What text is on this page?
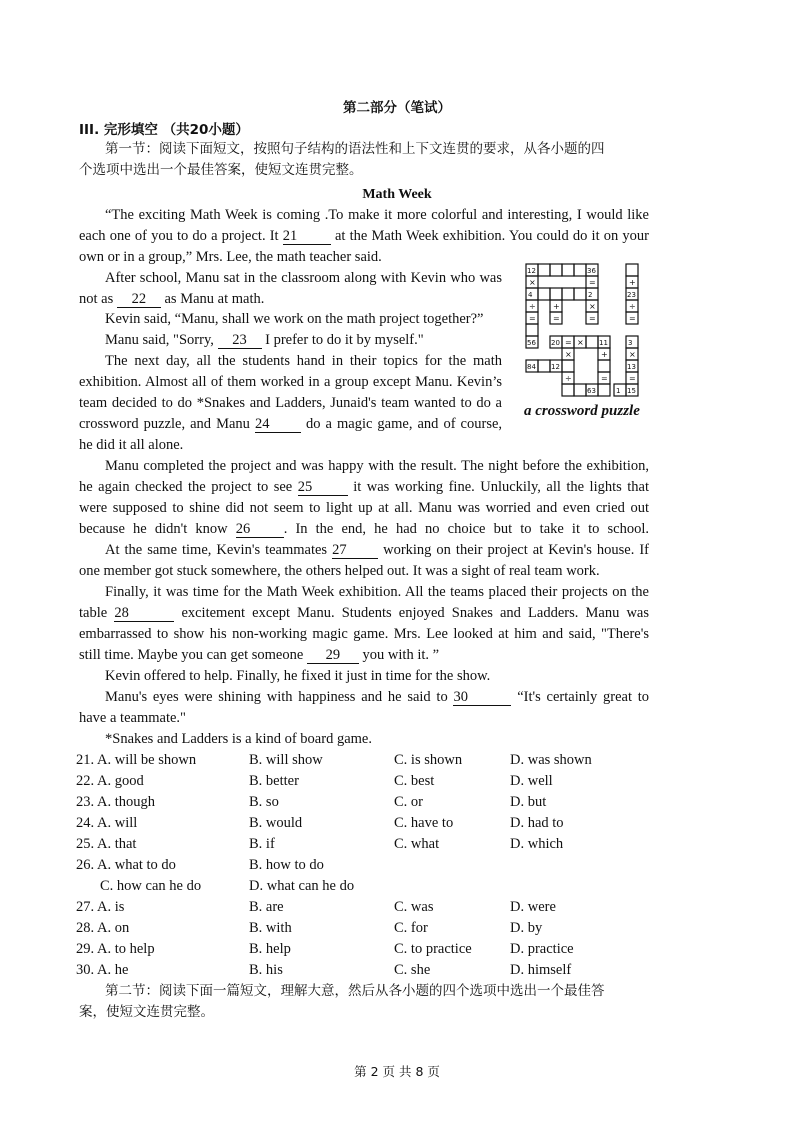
第二部分（笔试）
III. 完形填空 （共20小题）
第一节：阅读下面短文，按照句子结构的语法性和上下文连贯的要求，从各小题的四
个选项中选出一个最佳答案，使短文连贯完整。
Math Week
“The exciting Math Week is coming .To make it more colorful and interesting, I would like
each one of you to do a project. It 21	at the Math Week exhibition. You could do it on your
own or in a group,” Mrs. Lee, the math teacher said.
After school, Manu sat in the classroom along with Kevin who was
not as 22 as Manu at math.
Kevin said, “Manu, shall we work on the math project together?”
Manu said, "Sorry, 23 I prefer to do it by myself."
The next day, all the students hand in their topics for the math
exhibition. Almost all of them worked in a group except Manu. Kevin’s
team decided to do *Snakes and Ladders, Junaid's team wanted to do a
crossword puzzle, and Manu 24	do a magic game, and of course,
he did it all alone.
Manu completed the project and was happy with the result. The night before the exhibition,
he again checked the project to see 25	it was working fine. Unluckily, all the lights that
were supposed to shine did not seem to light up at all. Manu was worried and even cried out
because he didn't know 26 . In the end, he had no choice but to take it to school.
At the same time, Kevin's teammates 27	working on their project at Kevin's house. If
one member got stuck somewhere, the others helped out. It was a sight of real team work.
Finally, it was time for the Math Week exhibition. All the teams placed their projects on the
table 28	excitement except Manu. Students enjoyed Snakes and Ladders. Manu was
embarrassed to show his non-working magic game. Mrs. Lee looked at him and said, "There's
still time. Maybe you can get someone 29 you with it. ”
Kevin offered to help. Finally, he fixed it just in time for the show.
Manu's eyes were shining with happiness and he said to 30	“It's certainly great to
have a teammate."
*Snakes and Ladders is a kind of board game.
12	36
4	23
2
56 20	11	3
84 12	13
15
63	1
×
÷
=
+
=
=
×
=
×
÷
+
=
+
÷
=
×
=
= ×
a crossword puzzle
21. A. will be shown	B. will show	C. is shown	D. was shown
22. A. good	B. better	C. best	D. well
23. A. though	B. so	C. or	D. but
24. A. will	B. would	C. have to	D. had to
25. A. that	B. if	C. what	D. which
26. A. what to do	B. how to do
C. how can he do	D. what can he do
27. A. is	B. are	C. was	D. were
28. A. on	B. with	C. for	D. by
29. A. to help	B. help	C. to practice	D. practice
30. A. he	B. his	C. she	D. himself
第二节：阅读下面一篇短文，理解大意，然后从各小题的四个选项中选出一个最佳答
案，使短文连贯完整。
第 2 页 共 8 页
